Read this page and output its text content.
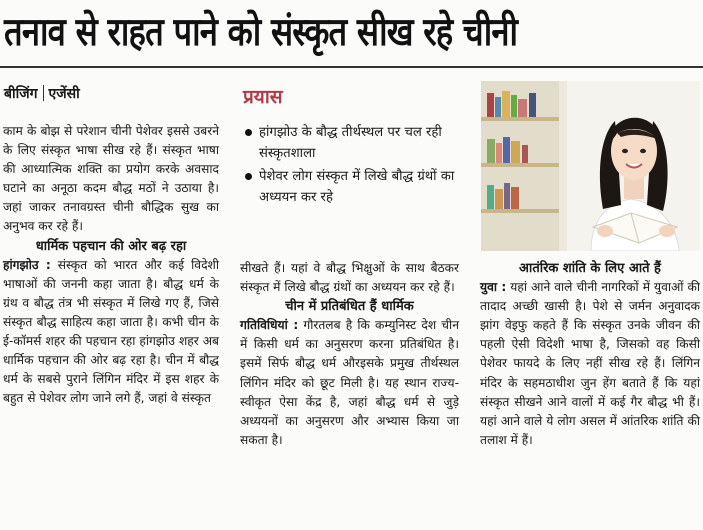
तनाव से राहत पाने को संस्कृत सीख रहे चीनी
बीजिंग एजेंसी

काम के बोझ से परेशान चीनी पेशेवर इससे उबरने के लिए संस्कृत भाषा सीख रहे हैं। संस्कृत भाषा की आध्यात्मिक शक्ति का प्रयोग करके अवसाद घटाने का अनूठा कदम बौद्ध मठों ने उठाया है। जहां जाकर तनावग्रस्त चीनी बौद्धिक सुख का अनुभव कर रहे हैं।

धार्मिक पहचान की ओर बढ़ रहा

हांगझोउ : संस्कृत को भारत और कई विदेशी भाषाओं की जननी कहा जाता है। बौद्ध धर्म के ग्रंथ व बौद्ध तंत्र भी संस्कृत में लिखे गए हैं, जिसे संस्कृत बौद्ध साहित्य कहा जाता है। कभी चीन के ई-कॉमर्स शहर की पहचान रहा हांगझोउ शहर अब धार्मिक पहचान की ओर बढ़ रहा है। चीन में बौद्ध धर्म के सबसे पुराने लिंगिन मंदिर में इस शहर के बहुत से पेशेवर लोग जाने लगे हैं, जहां वे संस्कृत

प्रयास
हांगझोउ के बौद्ध तीर्थस्थल पर चल रही संस्कृतशाला
पेशेवर लोग संस्कृत में लिखे बौद्ध ग्रंथों का अध्ययन कर रहे

सीखते हैं। यहां वे बौद्ध भिक्षुओं के साथ बैठकर संस्कृत में लिखे बौद्ध ग्रंथों का अध्ययन कर रहे हैं।

चीन में प्रतिबंधित हैं धार्मिक

गतिविधियां : गौरतलब है कि कम्युनिस्ट देश चीन में किसी धर्म का अनुसरण करना प्रतिबंधित है। इसमें सिर्फ बौद्ध धर्म औरइसके प्रमुख तीर्थस्थल लिंगिन मंदिर को छूट मिली है। यह स्थान राज्य-स्वीकृत ऐसा केंद्र है, जहां बौद्ध धर्म से जुड़े अध्ययनों का अनुसरण और अभ्यास किया जा सकता है।

आतंरिक शांति के लिए आते हैं

युवा : यहां आने वाले चीनी नागरिकों में युवाओं की तादाद अच्छी खासी है। पेशे से जर्मन अनुवादक झांग वेइफु कहते हैं कि संस्कृत उनके जीवन की पहली ऐसी विदेशी भाषा है, जिसको वह किसी पेशेवर फायदे के लिए नहीं सीख रहे हैं। लिंगिन मंदिर के सहमठाधीश जुन हेंग बताते हैं कि यहां संस्कृत सीखने आने वालों में कई गैर बौद्ध भी हैं। यहां आने वाले ये लोग असल में आंतरिक शांति की तलाश में हैं।
